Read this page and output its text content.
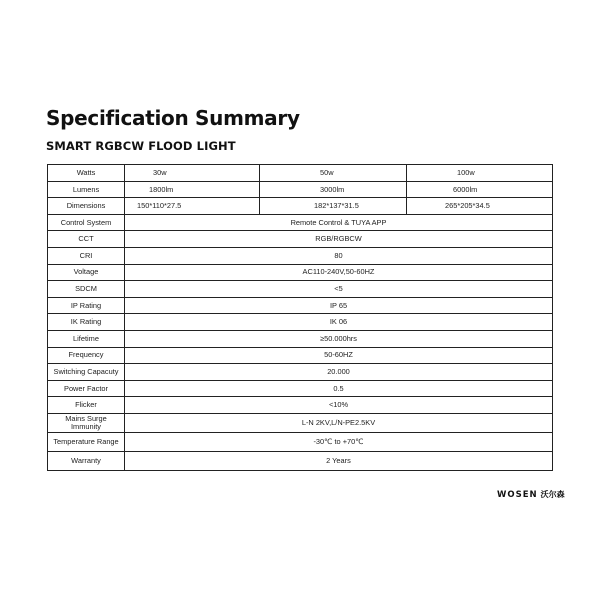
Specification Summary
SMART RGBCW FLOOD LIGHT
Watts	30w	50w	100w
Lumens	1800lm	3000lm	6000lm
Dimensions	150*110*27.5	182*137*31.5	265*205*34.5
Control System	Remote Control & TUYA APP		
CCT	RGB/RGBCW		
CRI	80		
Voltage	AC110-240V,50-60HZ		
SDCM	<5		
IP Rating	IP 65		
IK Rating	IK 06		
Lifetime	≥50.000hrs		
Frequency	50-60HZ		
Switching Capacuty	20.000		
Power Factor	0.5		
Flicker	<10%		
Mains Surge Immunity	L-N 2KV,L/N-PE2.5KV		
Temperature Range	-30℃ to +70℃		
Warranty	2 Years		
WOSEN 沃尔森
